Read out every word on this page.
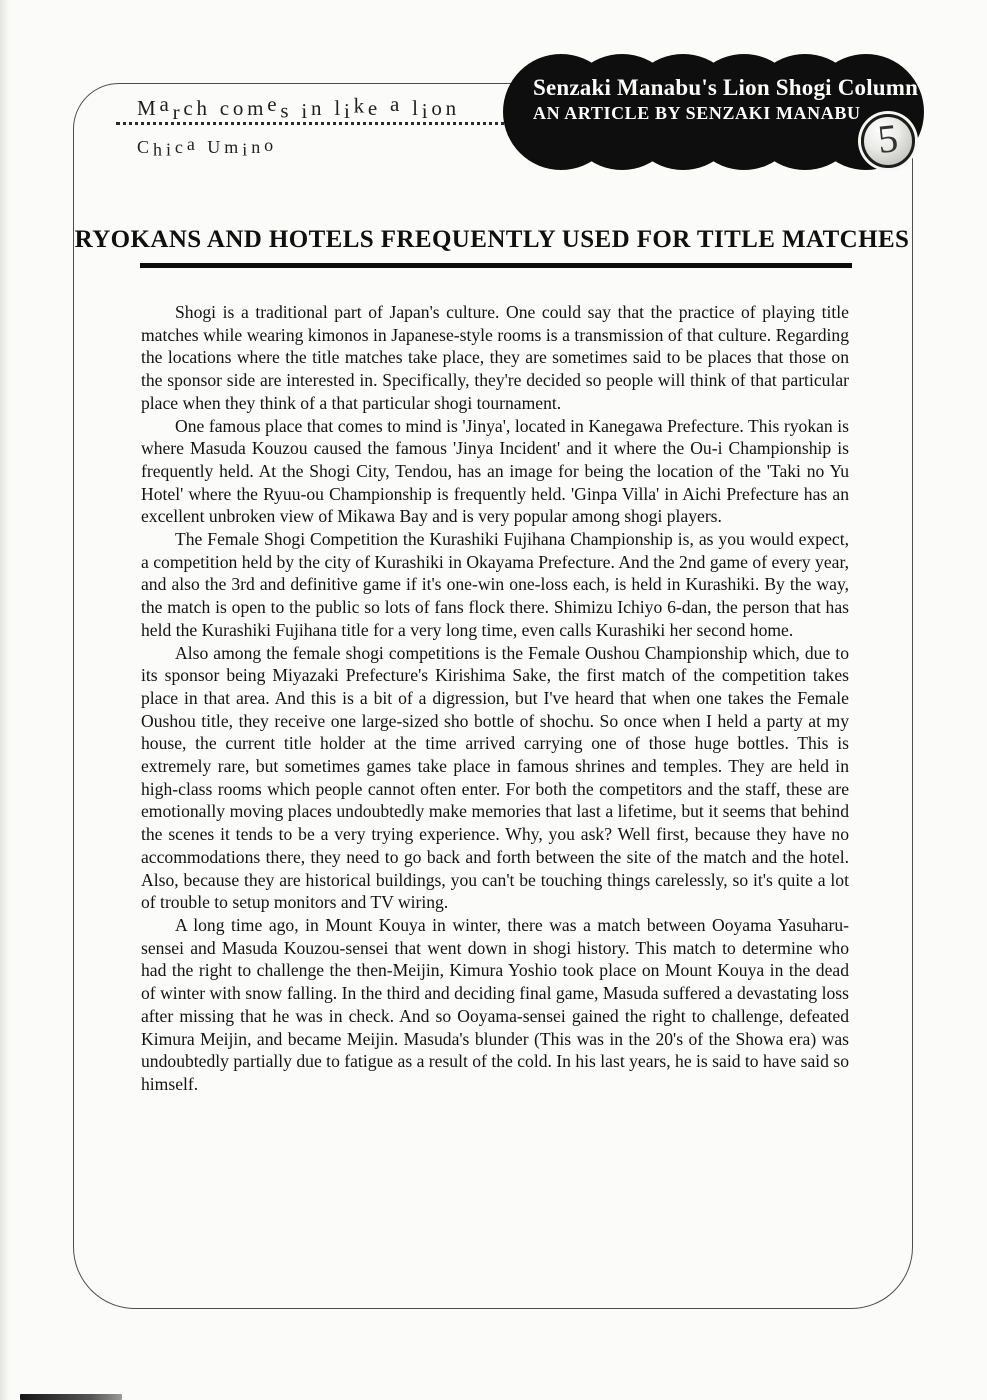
March comes in like a lion
Chica Umino
Senzaki Manabu's Lion Shogi Column
AN ARTICLE BY SENZAKI MANABU
5
RYOKANS AND HOTELS FREQUENTLY USED FOR TITLE MATCHES

Shogi is a traditional part of Japan's culture. One could say that the practice of playing title matches while wearing kimonos in Japanese-style rooms is a transmission of that culture. Regarding the locations where the title matches take place, they are sometimes said to be places that those on the sponsor side are interested in. Specifically, they're decided so people will think of that particular place when they think of a that particular shogi tournament.

One famous place that comes to mind is 'Jinya', located in Kanegawa Prefecture. This ryokan is where Masuda Kouzou caused the famous 'Jinya Incident' and it where the Ou-i Championship is frequently held. At the Shogi City, Tendou, has an image for being the location of the 'Taki no Yu Hotel' where the Ryuu-ou Championship is frequently held. 'Ginpa Villa' in Aichi Prefecture has an excellent unbroken view of Mikawa Bay and is very popular among shogi players.

The Female Shogi Competition the Kurashiki Fujihana Championship is, as you would expect, a competition held by the city of Kurashiki in Okayama Prefecture. And the 2nd game of every year, and also the 3rd and definitive game if it's one-win one-loss each, is held in Kurashiki. By the way, the match is open to the public so lots of fans flock there. Shimizu Ichiyo 6-dan, the person that has held the Kurashiki Fujihana title for a very long time, even calls Kurashiki her second home.

Also among the female shogi competitions is the Female Oushou Championship which, due to its sponsor being Miyazaki Prefecture's Kirishima Sake, the first match of the competition takes place in that area. And this is a bit of a digression, but I've heard that when one takes the Female Oushou title, they receive one large-sized sho bottle of shochu. So once when I held a party at my house, the current title holder at the time arrived carrying one of those huge bottles. This is extremely rare, but sometimes games take place in famous shrines and temples. They are held in high-class rooms which people cannot often enter. For both the competitors and the staff, these are emotionally moving places undoubtedly make memories that last a lifetime, but it seems that behind the scenes it tends to be a very trying experience. Why, you ask? Well first, because they have no accommodations there, they need to go back and forth between the site of the match and the hotel. Also, because they are historical buildings, you can't be touching things carelessly, so it's quite a lot of trouble to setup monitors and TV wiring.

A long time ago, in Mount Kouya in winter, there was a match between Ooyama Yasuharu-sensei and Masuda Kouzou-sensei that went down in shogi history. This match to determine who had the right to challenge the then-Meijin, Kimura Yoshio took place on Mount Kouya in the dead of winter with snow falling. In the third and deciding final game, Masuda suffered a devastating loss after missing that he was in check. And so Ooyama-sensei gained the right to challenge, defeated Kimura Meijin, and became Meijin. Masuda's blunder (This was in the 20's of the Showa era) was undoubtedly partially due to fatigue as a result of the cold. In his last years, he is said to have said so himself.
